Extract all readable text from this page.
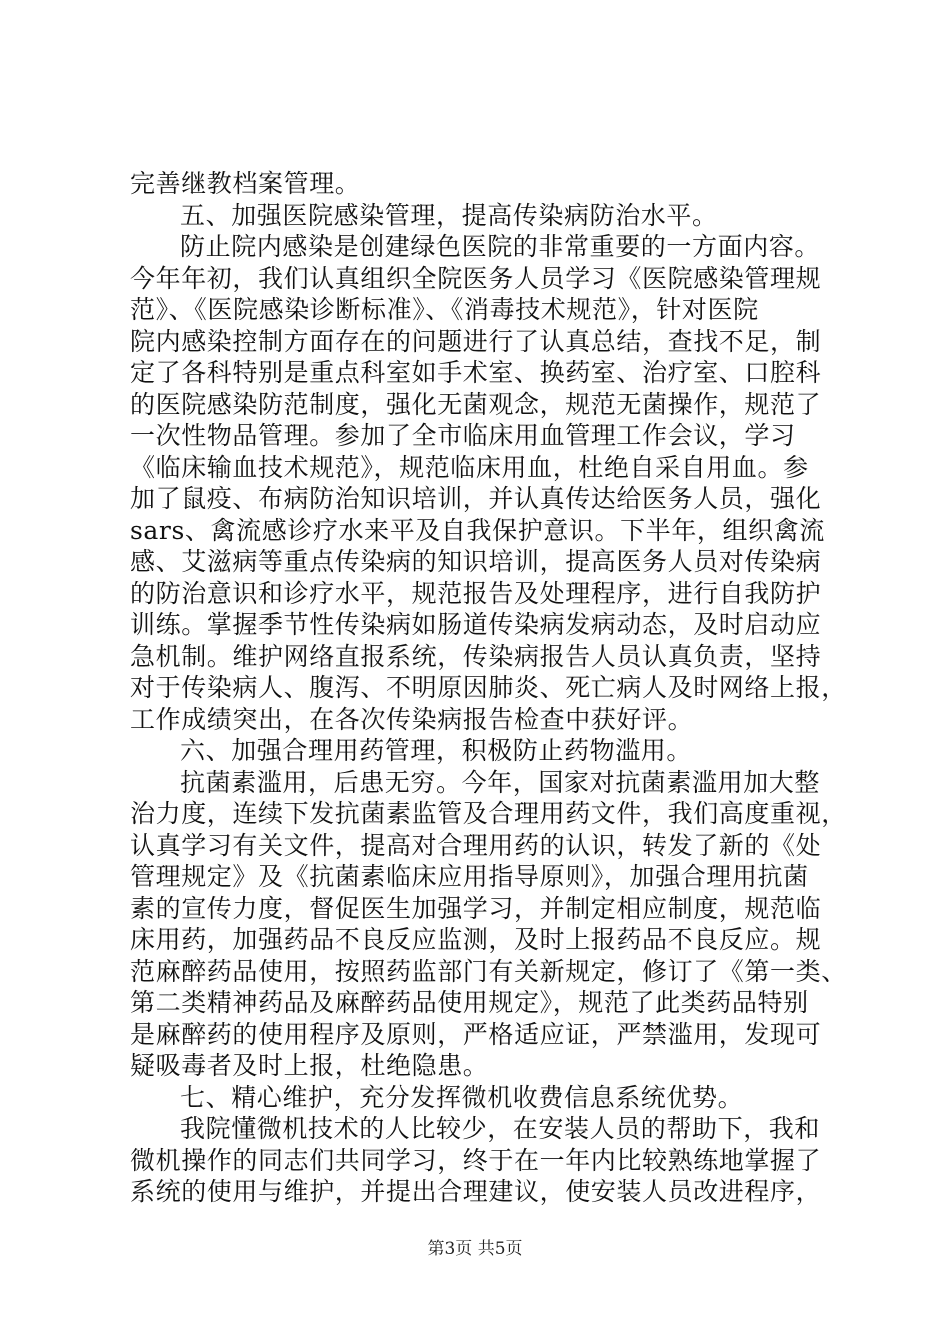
完善继教档案管理。
五、加强医院感染管理，提高传染病防治水平。
防止院内感染是创建绿色医院的非常重要的一方面内容。
今年年初，我们认真组织全院医务人员学习《医院感染管理规
范》、《医院感染诊断标准》、《消毒技术规范》，针对医院
院内感染控制方面存在的问题进行了认真总结，查找不足，制
定了各科特别是重点科室如手术室、换药室、治疗室、口腔科
的医院感染防范制度，强化无菌观念，规范无菌操作，规范了
一次性物品管理。参加了全市临床用血管理工作会议，学习
《临床输血技术规范》，规范临床用血，杜绝自采自用血。参
加了鼠疫、布病防治知识培训，并认真传达给医务人员，强化
sars、禽流感诊疗水来平及自我保护意识。下半年，组织禽流
感、艾滋病等重点传染病的知识培训，提高医务人员对传染病
的防治意识和诊疗水平，规范报告及处理程序，进行自我防护
训练。掌握季节性传染病如肠道传染病发病动态，及时启动应
急机制。维护网络直报系统，传染病报告人员认真负责，坚持
对于传染病人、腹泻、不明原因肺炎、死亡病人及时网络上报，
工作成绩突出，在各次传染病报告检查中获好评。
六、加强合理用药管理，积极防止药物滥用。
抗菌素滥用，后患无穷。今年，国家对抗菌素滥用加大整
治力度，连续下发抗菌素监管及合理用药文件，我们高度重视，
认真学习有关文件，提高对合理用药的认识，转发了新的《处
管理规定》及《抗菌素临床应用指导原则》，加强合理用抗菌
素的宣传力度，督促医生加强学习，并制定相应制度，规范临
床用药，加强药品不良反应监测，及时上报药品不良反应。规
范麻醉药品使用，按照药监部门有关新规定，修订了《第一类、
第二类精神药品及麻醉药品使用规定》，规范了此类药品特别
是麻醉药的使用程序及原则，严格适应证，严禁滥用，发现可
疑吸毒者及时上报，杜绝隐患。
七、精心维护，充分发挥微机收费信息系统优势。
我院懂微机技术的人比较少，在安装人员的帮助下，我和
微机操作的同志们共同学习，终于在一年内比较熟练地掌握了
系统的使用与维护，并提出合理建议，使安装人员改进程序，
第3页 共5页
